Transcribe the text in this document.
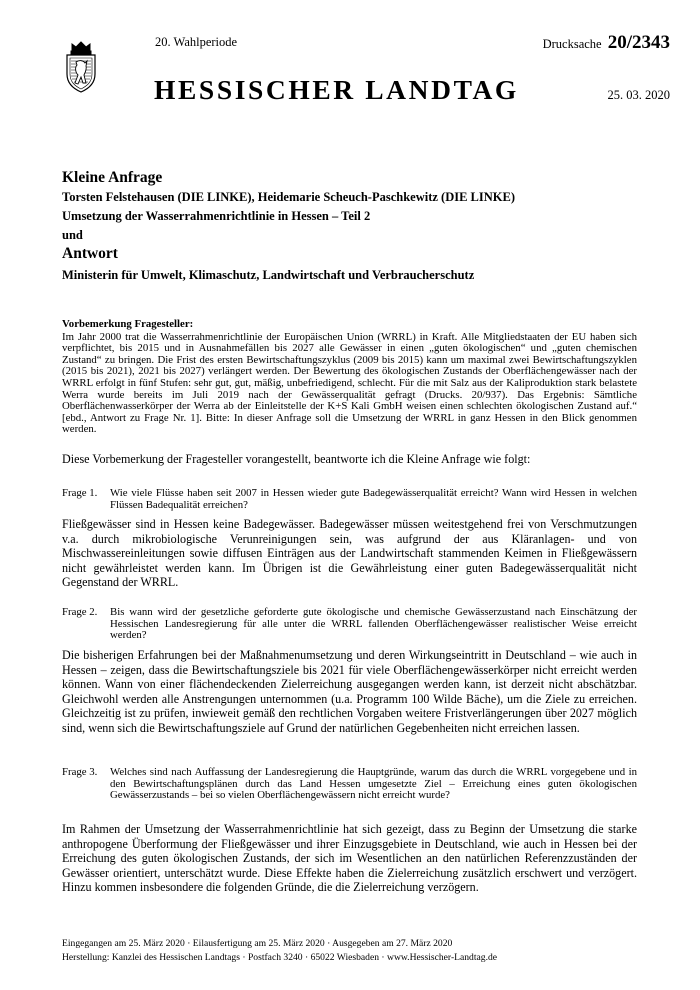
20. Wahlperiode	Drucksache 20/2343
HESSISCHER LANDTAG	25. 03. 2020
Kleine Anfrage
Torsten Felstehausen (DIE LINKE), Heidemarie Scheuch-Paschkewitz (DIE LINKE)
Umsetzung der Wasserrahmenrichtlinie in Hessen – Teil 2
und
Antwort
Ministerin für Umwelt, Klimaschutz, Landwirtschaft und Verbraucherschutz
Vorbemerkung Fragesteller:
Im Jahr 2000 trat die Wasserrahmenrichtlinie der Europäischen Union (WRRL) in Kraft. Alle Mitgliedstaaten der EU haben sich verpflichtet, bis 2015 und in Ausnahmefällen bis 2027 alle Gewässer in einen „guten ökologischen“ und „guten chemischen Zustand“ zu bringen. Die Frist des ersten Bewirtschaftungszyklus (2009 bis 2015) kann um maximal zwei Bewirtschaftungszyklen (2015 bis 2021), 2021 bis 2027) verlängert werden. Der Bewertung des ökologischen Zustands der Oberflächengewässer nach der WRRL erfolgt in fünf Stufen: sehr gut, gut, mäßig, unbefriedigend, schlecht. Für die mit Salz aus der Kaliproduktion stark belastete Werra wurde bereits im Juli 2019 nach der Gewässerqualität gefragt (Drucks. 20/937). Das Ergebnis: Sämtliche Oberflächenwasserkörper der Werra ab der Einleitstelle der K+S Kali GmbH weisen einen schlechten ökologischen Zustand auf.“ [ebd., Antwort zu Frage Nr. 1]. Bitte: In dieser Anfrage soll die Umsetzung der WRRL in ganz Hessen in den Blick genommen werden.
Diese Vorbemerkung der Fragesteller vorangestellt, beantworte ich die Kleine Anfrage wie folgt:
Frage 1. Wie viele Flüsse haben seit 2007 in Hessen wieder gute Badegewässerqualität erreicht? Wann wird Hessen in welchen Flüssen Badequalität erreichen?
Fließgewässer sind in Hessen keine Badegewässer. Badegewässer müssen weitestgehend frei von Verschmutzungen v.a. durch mikrobiologische Verunreinigungen sein, was aufgrund der aus Kläranlagen- und von Mischwassereinleitungen sowie diffusen Einträgen aus der Landwirtschaft stammenden Keimen in Fließgewässern nicht gewährleistet werden kann. Im Übrigen ist die Gewährleistung einer guten Badegewässerqualität nicht Gegenstand der WRRL.
Frage 2. Bis wann wird der gesetzliche geforderte gute ökologische und chemische Gewässerzustand nach Einschätzung der Hessischen Landesregierung für alle unter die WRRL fallenden Oberflächengewässer realistischer Weise erreicht werden?
Die bisherigen Erfahrungen bei der Maßnahmenumsetzung und deren Wirkungseintritt in Deutschland – wie auch in Hessen – zeigen, dass die Bewirtschaftungsziele bis 2021 für viele Oberflächengewässerkörper nicht erreicht werden können. Wann von einer flächendeckenden Zielerreichung ausgegangen werden kann, ist derzeit nicht abschätzbar. Gleichwohl werden alle Anstrengungen unternommen (u.a. Programm 100 Wilde Bäche), um die Ziele zu erreichen. Gleichzeitig ist zu prüfen, inwieweit gemäß den rechtlichen Vorgaben weitere Fristverlängerungen über 2027 möglich sind, wenn sich die Bewirtschaftungsziele auf Grund der natürlichen Gegebenheiten nicht erreichen lassen.
Frage 3. Welches sind nach Auffassung der Landesregierung die Hauptgründe, warum das durch die WRRL vorgegebene und in den Bewirtschaftungsplänen durch das Land Hessen umgesetzte Ziel – Erreichung eines guten ökologischen Gewässerzustands – bei so vielen Oberflächengewässern nicht erreicht wurde?
Im Rahmen der Umsetzung der Wasserrahmenrichtlinie hat sich gezeigt, dass zu Beginn der Umsetzung die starke anthropogene Überformung der Fließgewässer und ihrer Einzugsgebiete in Deutschland, wie auch in Hessen bei der Erreichung des guten ökologischen Zustands, der sich im Wesentlichen an den natürlichen Referenzzuständen der Gewässer orientiert, unterschätzt wurde. Diese Effekte haben die Zielerreichung zusätzlich erschwert und verzögert. Hinzu kommen insbesondere die folgenden Gründe, die die Zielerreichung verzögern.
Eingegangen am 25. März 2020 · Eilausfertigung am 25. März 2020 · Ausgegeben am 27. März 2020
Herstellung: Kanzlei des Hessischen Landtags · Postfach 3240 · 65022 Wiesbaden · www.Hessischer-Landtag.de
